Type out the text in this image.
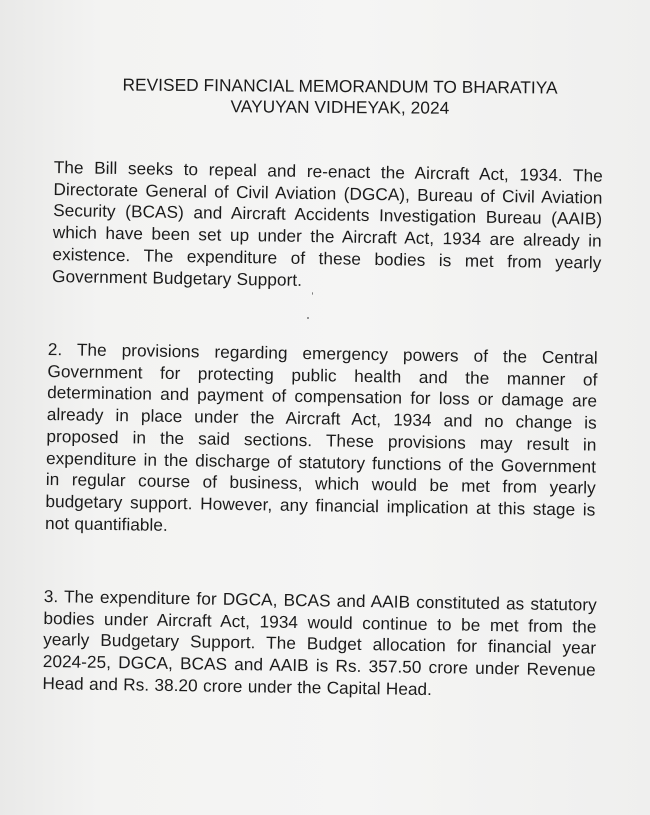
REVISED FINANCIAL MEMORANDUM TO BHARATIYA
VAYUYAN VIDHEYAK, 2024

The Bill seeks to repeal and re-enact the Aircraft Act, 1934. The Directorate General of Civil Aviation (DGCA), Bureau of Civil Aviation Security (BCAS) and Aircraft Accidents Investigation Bureau (AAIB) which have been set up under the Aircraft Act, 1934 are already in existence. The expenditure of these bodies is met from yearly Government Budgetary Support.

2. The provisions regarding emergency powers of the Central Government for protecting public health and the manner of determination and payment of compensation for loss or damage are already in place under the Aircraft Act, 1934 and no change is proposed in the said sections. These provisions may result in expenditure in the discharge of statutory functions of the Government in regular course of business, which would be met from yearly budgetary support. However, any financial implication at this stage is not quantifiable.

3. The expenditure for DGCA, BCAS and AAIB constituted as statutory bodies under Aircraft Act, 1934 would continue to be met from the yearly Budgetary Support. The Budget allocation for financial year 2024-25, DGCA, BCAS and AAIB is Rs. 357.50 crore under Revenue Head and Rs. 38.20 crore under the Capital Head.
